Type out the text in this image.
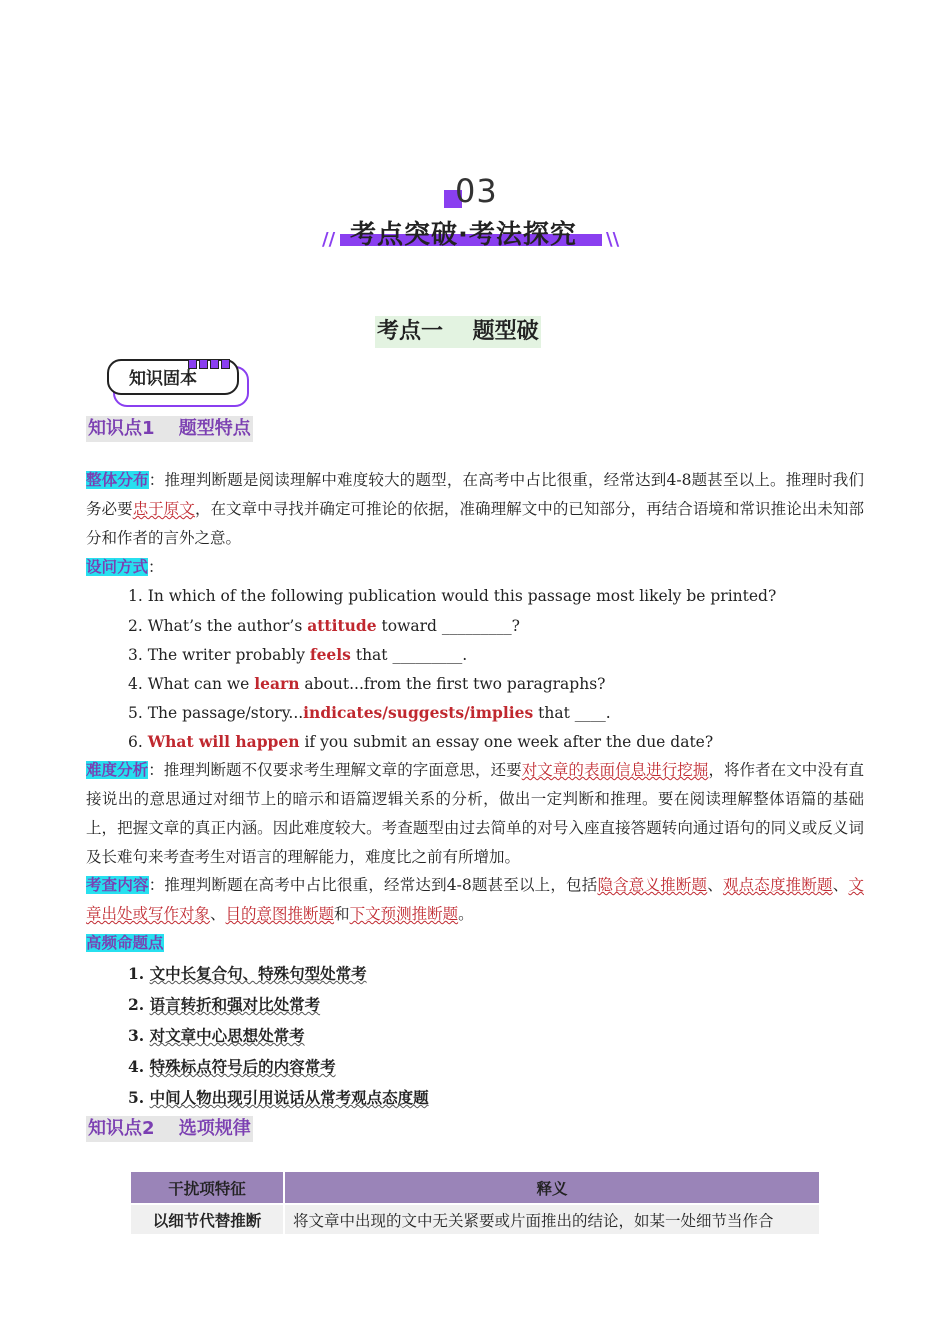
03
// 考点突破·考法探究 \\
考点一　 题型破
知识固本
知识点1　 题型特点
整体分布：推理判断题是阅读理解中难度较大的题型，在高考中占比很重，经常达到4-8题甚至以上。推理时我们务必要忠于原文，在文章中寻找并确定可推论的依据，准确理解文中的已知部分，再结合语境和常识推论出未知部分和作者的言外之意。
设问方式：
1. In which of the following publication would this passage most likely be printed?
2. What’s the author’s attitude toward _________?
3. The writer probably feels that _________.
4. What can we learn about...from the first two paragraphs?
5. The passage/story...indicates/suggests/implies that ____.
6. What will happen if you submit an essay one week after the due date?
难度分析：推理判断题不仅要求考生理解文章的字面意思，还要对文章的表面信息进行挖掘，将作者在文中没有直接说出的意思通过对细节上的暗示和语篇逻辑关系的分析，做出一定判断和推理。要在阅读理解整体语篇的基础上，把握文章的真正内涵。因此难度较大。考查题型由过去简单的对号入座直接答题转向通过语句的同义或反义词及长难句来考查考生对语言的理解能力，难度比之前有所增加。
考查内容：推理判断题在高考中占比很重，经常达到4-8题甚至以上，包括隐含意义推断题、观点态度推断题、文章出处或写作对象、目的意图推断题和下文预测推断题。
高频命题点
1. 文中长复合句、特殊句型处常考
2. 语言转折和强对比处常考
3. 对文章中心思想处常考
4. 特殊标点符号后的内容常考
5. 中间人物出现引用说话从常考观点态度题
知识点2　 选项规律
干扰项特征	释义
以细节代替推断	将文章中出现的文中无关紧要或片面推出的结论，如某一处细节当作合
